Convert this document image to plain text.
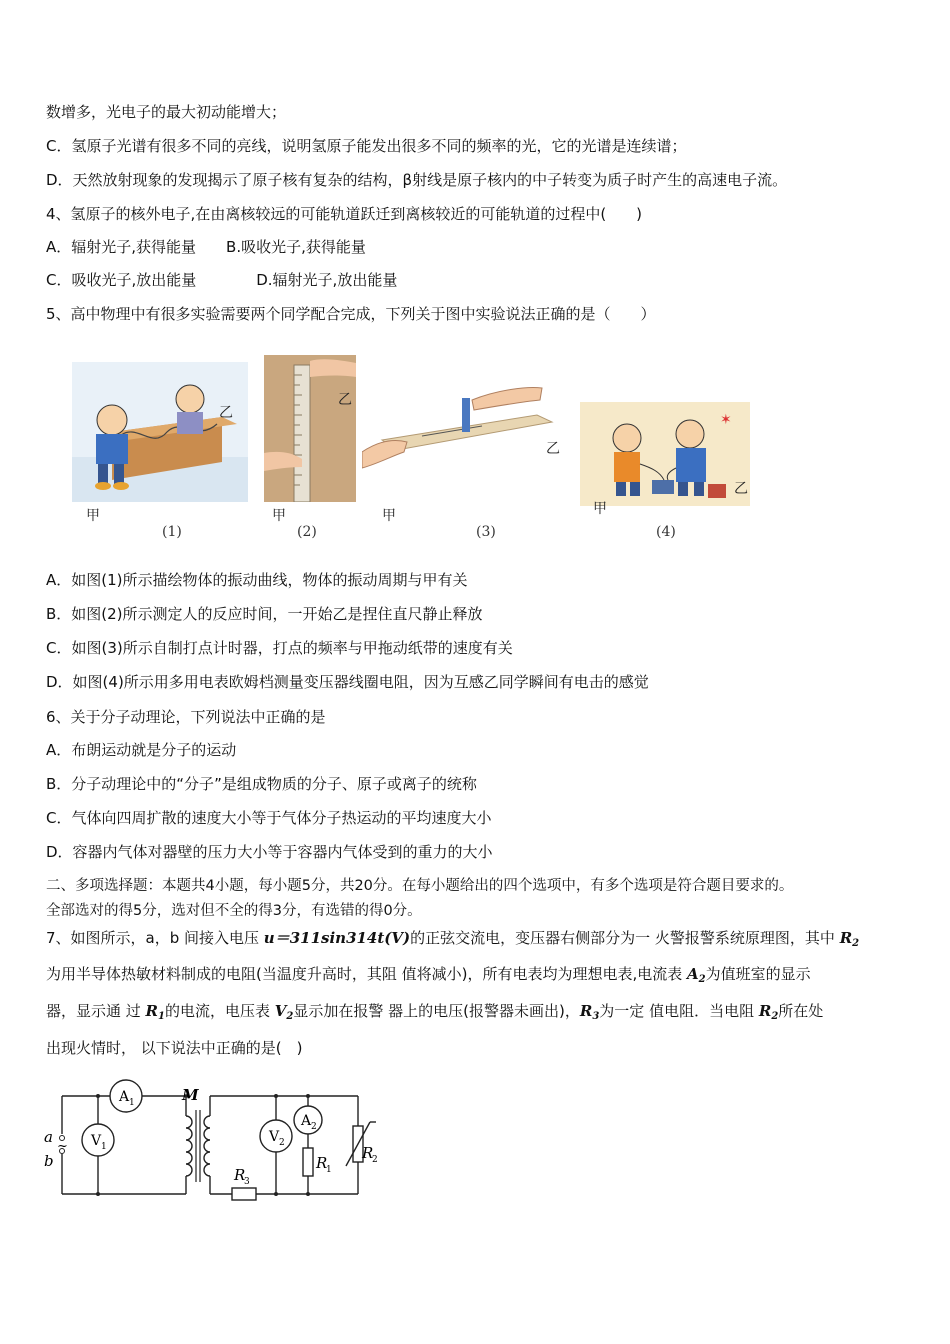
数增多，光电子的最大初动能增大；
C．氢原子光谱有很多不同的亮线，说明氢原子能发出很多不同的频率的光，它的光谱是连续谱；
D．天然放射现象的发现揭示了原子核有复杂的结构，β射线是原子核内的中子转变为质子时产生的高速电子流。
4、氢原子的核外电子,在由离核较远的可能轨道跃迁到离核较近的可能轨道的过程中(　　)
A．辐射光子,获得能量　　B.吸收光子,获得能量
C．吸收光子,放出能量　　　　D.辐射光子,放出能量
5、高中物理中有很多实验需要两个同学配合完成，下列关于图中实验说法正确的是（　　）
乙
甲
(1)
乙
甲
(2)
乙
甲
(3)
✶
乙
甲
(4)
A．如图(1)所示描绘物体的振动曲线，物体的振动周期与甲有关
B．如图(2)所示测定人的反应时间，一开始乙是捏住直尺静止释放
C．如图(3)所示自制打点计时器，打点的频率与甲拖动纸带的速度有关
D．如图(4)所示用多用电表欧姆档测量变压器线圈电阻，因为互感乙同学瞬间有电击的感觉
6、关于分子动理论，下列说法中正确的是
A．布朗运动就是分子的运动
B．分子动理论中的“分子”是组成物质的分子、原子或离子的统称
C．气体向四周扩散的速度大小等于气体分子热运动的平均速度大小
D．容器内气体对器壁的压力大小等于容器内气体受到的重力的大小
二、多项选择题：本题共4小题，每小题5分，共20分。在每小题给出的四个选项中，有多个选项是符合题目要求的。
全部选对的得5分，选对但不全的得3分，有选错的得0分。
7、如图所示，a，b 间接入电压 u＝311sin314t(V)的正弦交流电，变压器右侧部分为一 火警报警系统原理图，其中 $R_2$
为用半导体热敏材料制成的电阻(当温度升高时，其阻 值将减小)，所有电表均为理想电表,电流表 $A_2$为值班室的显示
器，显示通 过 $R_1$的电流，电压表 $V_2$显示加在报警 器上的电压(报警器未画出)，$R_3$为一定 值电阻．当电阻 $R_2$所在处
出现火情时， 以下说法中正确的是(　)
a
b
~
M
A 1
V 1
V 2
A 2
R
1
R
2
R
3
